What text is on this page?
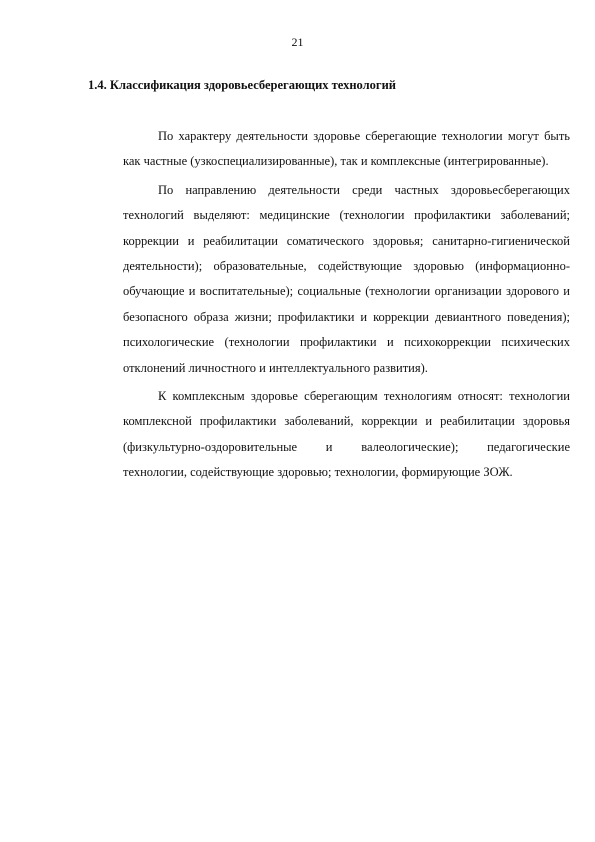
21
1.4. Классификация здоровьесберегающих технологий
По характеру деятельности здоровье сберегающие технологии могут быть
как частные (узкоспециализированные), так и комплексные (интегрированные).
По направлению деятельности среди частных здоровьесберегающих
технологий выделяют: медицинские (технологии профилактики заболеваний;
коррекции и реабилитации соматического здоровья; санитарно-гигиенической
деятельности); образовательные, содействующие здоровью (информационно-
обучающие и воспитательные); социальные (технологии организации здорового и
безопасного образа жизни; профилактики и коррекции девиантного поведения);
психологические (технологии профилактики и психокоррекции психических
отклонений личностного и интеллектуального развития).
К комплексным здоровье сберегающим технологиям относят: технологии
комплексной профилактики заболеваний, коррекции и реабилитации здоровья
(физкультурно-оздоровительные и валеологические); педагогические
технологии, содействующие здоровью; технологии, формирующие ЗОЖ.
